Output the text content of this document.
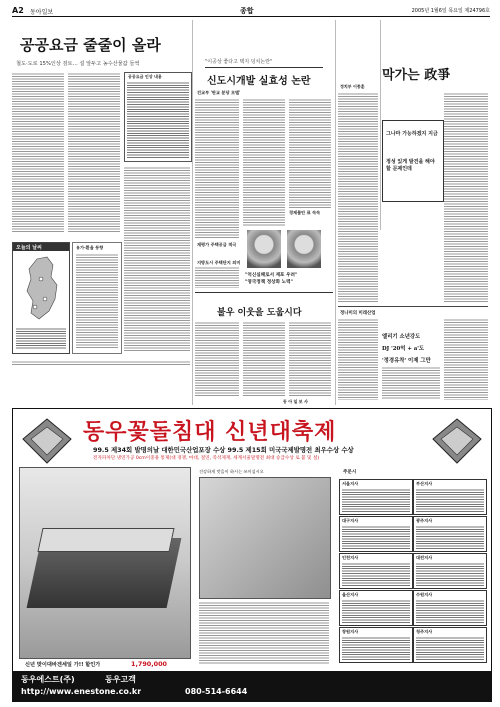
A2 동아일보	종합	2005년 1월6일 목요일 제24796호
공공요금 줄줄이 올라
철도·도로 15%인상 검토… 설 앞두고 농수산물값 들썩
공공요금 인상 내용
오늘의 날씨	유가·환율 동향
"이공상 좋다고 택지 덩치논란"
신도시개발 실효성 논란
건교부 '판교 분당 모델'
경제불안 표 속속
"억신실패로서 재포 우려"
"영국정책 정상화 노력"
재평가 주택공급 적극
지방도시 주택단지 의미
막가는 政爭
정치부 이종훈
그나마 가능하겠지 지금
정성 있게 발견을 해야 할 문제인데
정나미의 미래산업
엘리기 소년강도
DJ '20억 + a'도
'정경유착' 이제 그만
불우 이웃을 도웁시다
동 아 일 보 사
동우꽃돌침대 신년대축제
99.5 제34회 발명의날 대한민국산업포장 수상 99.5 제15회 미국국제발명전 최우수상 수상
전자파차단 냉연가공 0cm이중용 통제(대 경쟁, 마대, 절연, 즉석제재, 세계서울말명전 최대 승급수상 로 불 및 설)
신년 맞이대바겐세일 가!! 할인가	1,790,000
동우에스트(주)	동우고객
http://www.enestone.co.kr	080-514-6644
건강하게 맛을이 하시는 쓰이십시오	주문시
서울지사	부산지사
대구지사	광주지사
인천지사	대전지사
울산지사	수원지사
창원지사	청주지사
